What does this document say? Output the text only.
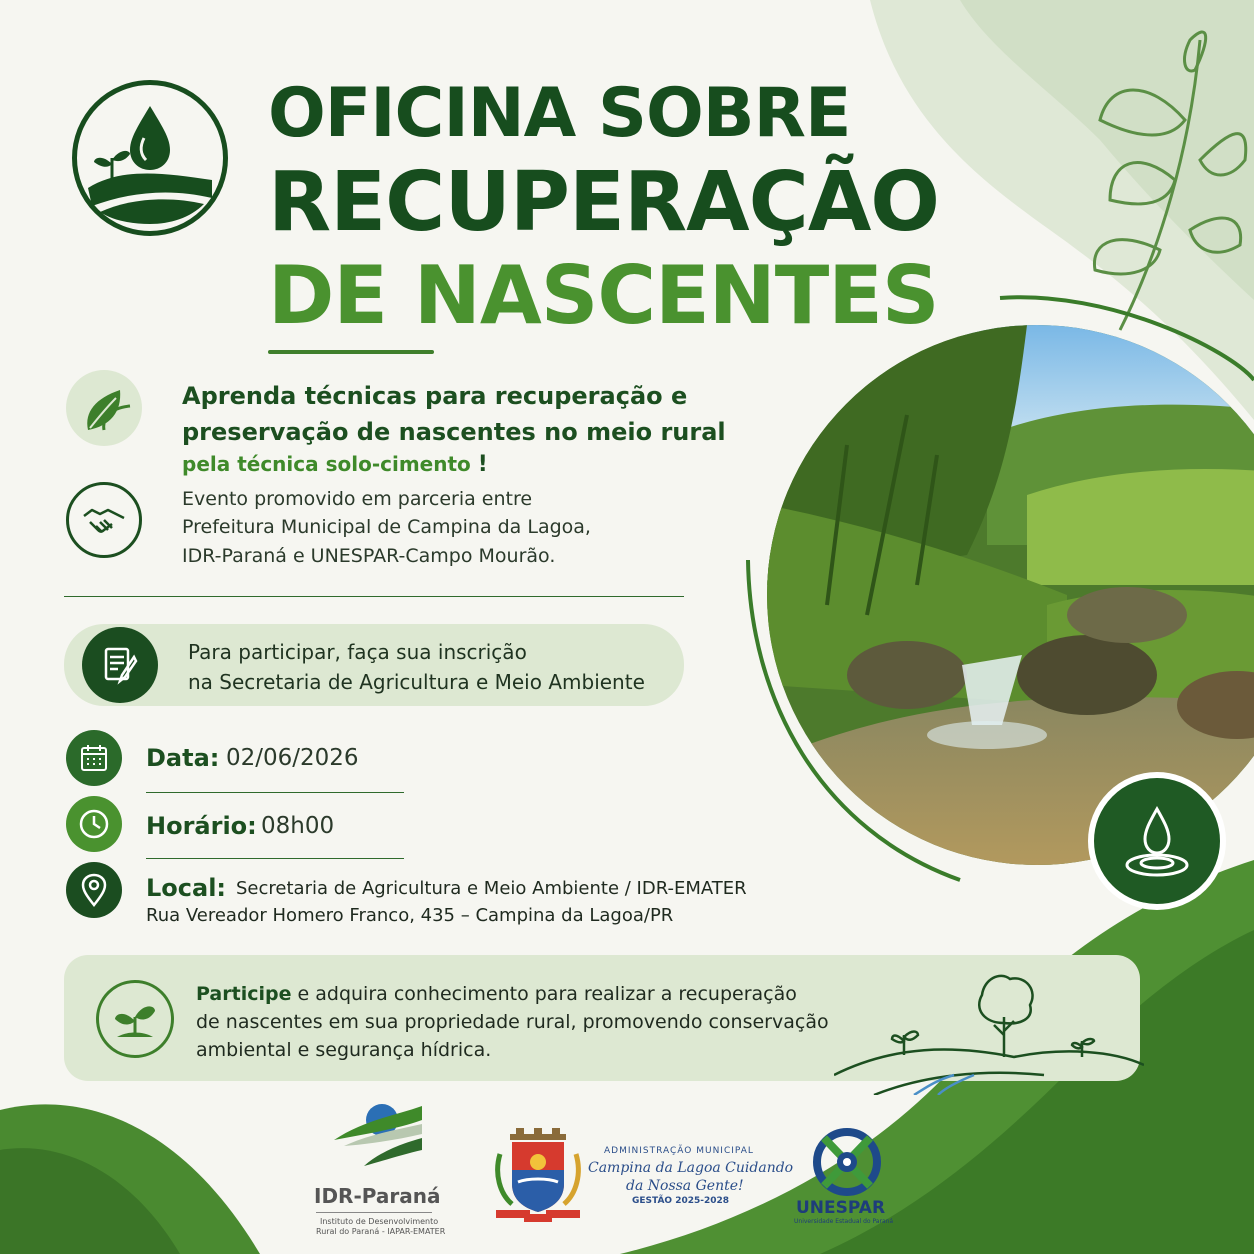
OFICINA SOBRE
RECUPERAÇÃO
DE NASCENTES
Aprenda técnicas para recuperação e
preservação de nascentes no meio rural
pela técnica solo-cimento !
Evento promovido em parceria entre
Prefeitura Municipal de Campina da Lagoa,
IDR-Paraná e UNESPAR-Campo Mourão.
Para participar, faça sua inscrição
na Secretaria de Agricultura e Meio Ambiente
Data: 02/06/2026
Horário: 08h00
Local: Secretaria de Agricultura e Meio Ambiente / IDR-EMATER
Rua Vereador Homero Franco, 435 – Campina da Lagoa/PR
Participe e adquira conhecimento para realizar a recuperação
de nascentes em sua propriedade rural, promovendo conservação
ambiental e segurança hídrica.
IDR-Paraná
Instituto de Desenvolvimento
Rural do Paraná - IAPAR-EMATER
ADMINISTRAÇÃO MUNICIPAL
Campina da Lagoa Cuidando
da Nossa Gente!
GESTÃO 2025-2028	UNESPAR
Universidade Estadual do Paraná
